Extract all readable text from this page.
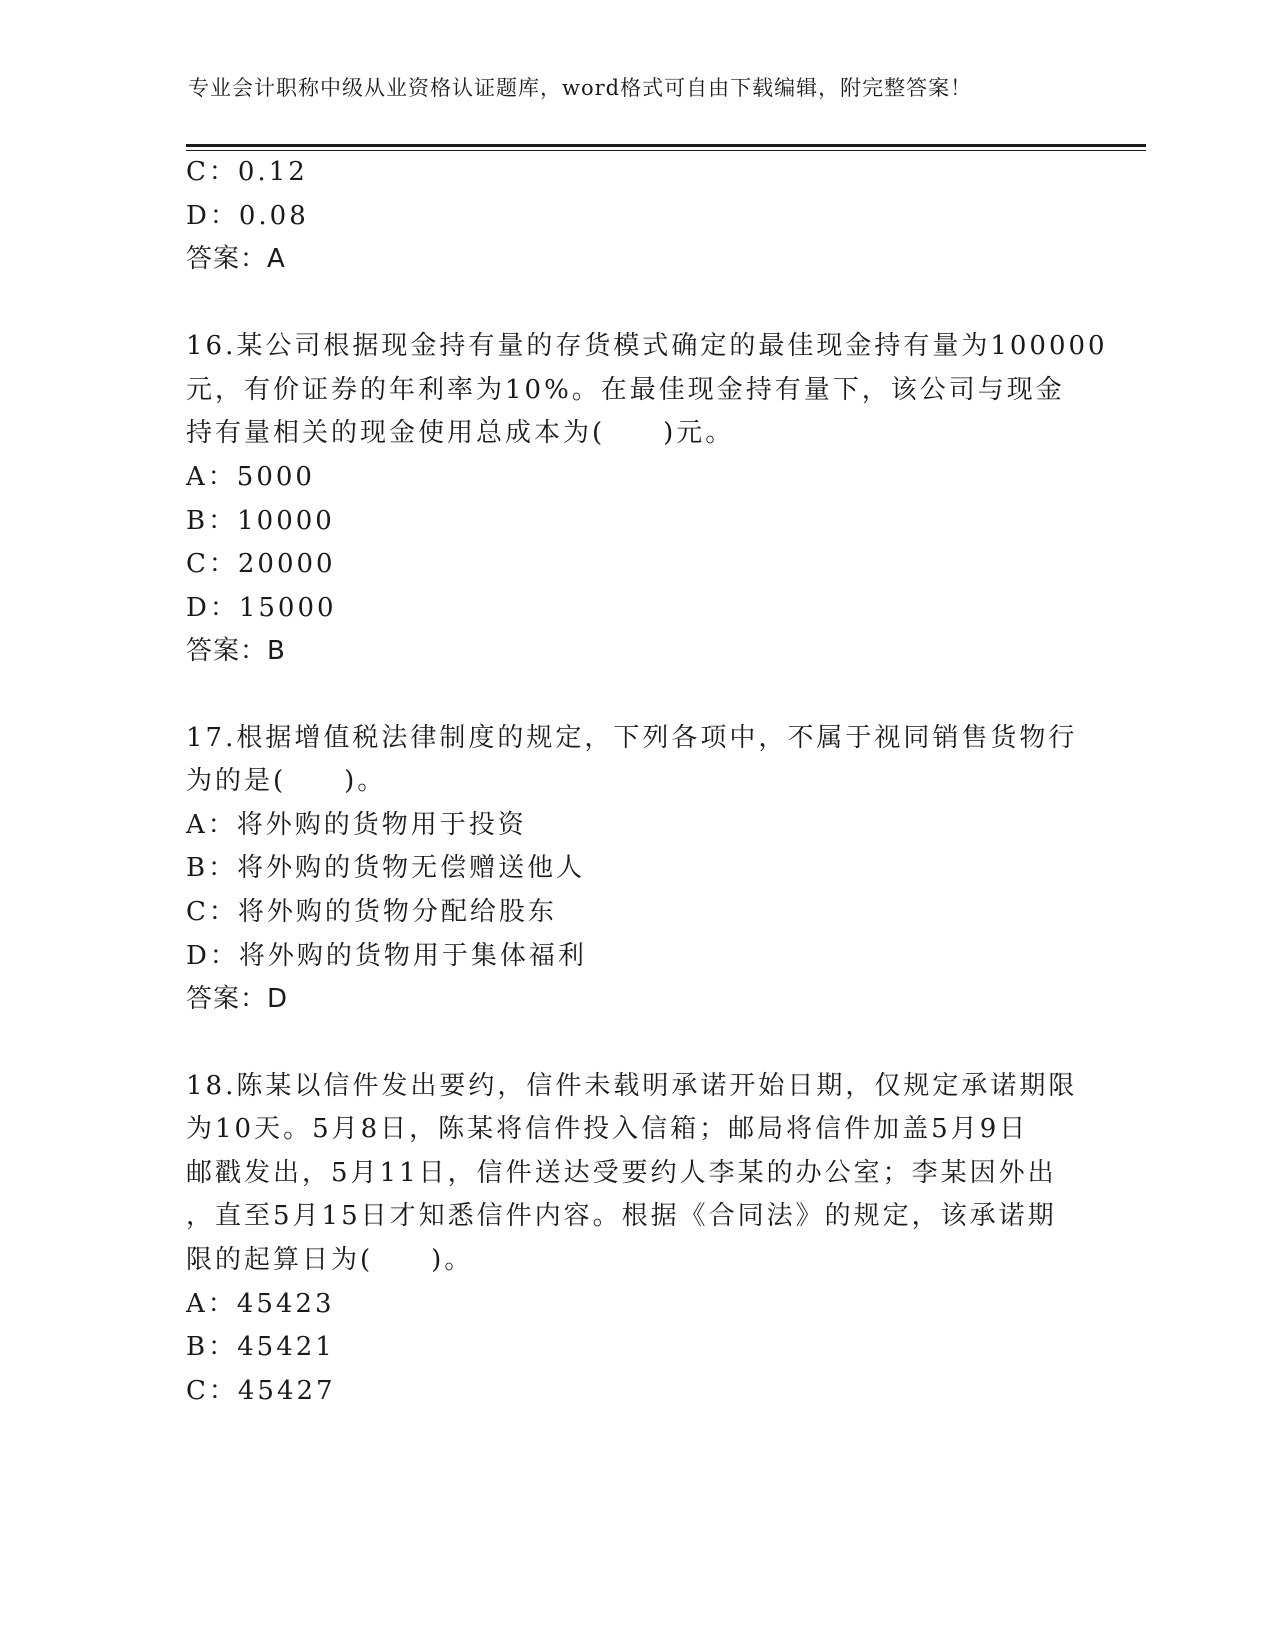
专业会计职称中级从业资格认证题库，word格式可自由下载编辑，附完整答案！
C：0.12
D：0.08
答案：A
16.某公司根据现金持有量的存货模式确定的最佳现金持有量为100000
元，有价证券的年利率为10%。在最佳现金持有量下，该公司与现金
持有量相关的现金使用总成本为(　　)元。
A：5000
B：10000
C：20000
D：15000
答案：B
17.根据增值税法律制度的规定，下列各项中，不属于视同销售货物行
为的是(　　)。
A：将外购的货物用于投资
B：将外购的货物无偿赠送他人
C：将外购的货物分配给股东
D：将外购的货物用于集体福利
答案：D
18.陈某以信件发出要约，信件未载明承诺开始日期，仅规定承诺期限
为10天。5月8日，陈某将信件投入信箱；邮局将信件加盖5月9日
邮戳发出，5月11日，信件送达受要约人李某的办公室；李某因外出
，直至5月15日才知悉信件内容。根据《合同法》的规定，该承诺期
限的起算日为(　　)。
A：45423
B：45421
C：45427
